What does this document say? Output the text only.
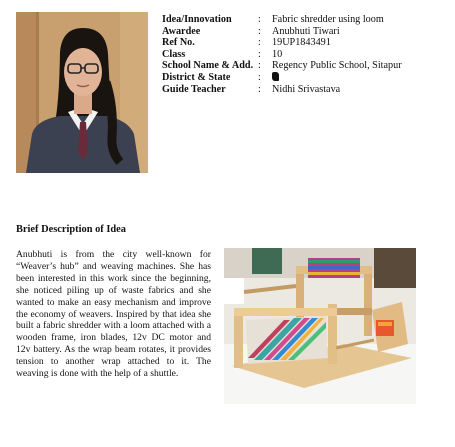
Idea/Innovation	:	Fabric shredder using loom
Awardee	:	Anubhuti Tiwari
Ref No.	:	19UP1843491
Class	:	10
School Name & Add. :	Regency Public School, Sitapur
District & State	:
Guide Teacher	:	Nidhi Srivastava
Brief Description of Idea

Anubhuti is from the city well-known for “Weaver’s hub” and weaving machines. She has been interested in this work since the beginning, she noticed piling up of waste fabrics and she wanted to make an easy mechanism and improve the economy of weavers. Inspired by that idea she built a fabric shredder with a loom attached with a wooden frame, iron blades, 12v DC motor and 12v battery. As the wrap beam rotates, it provides tension to another wrap attached to it. The weaving is done with the help of a shuttle.
